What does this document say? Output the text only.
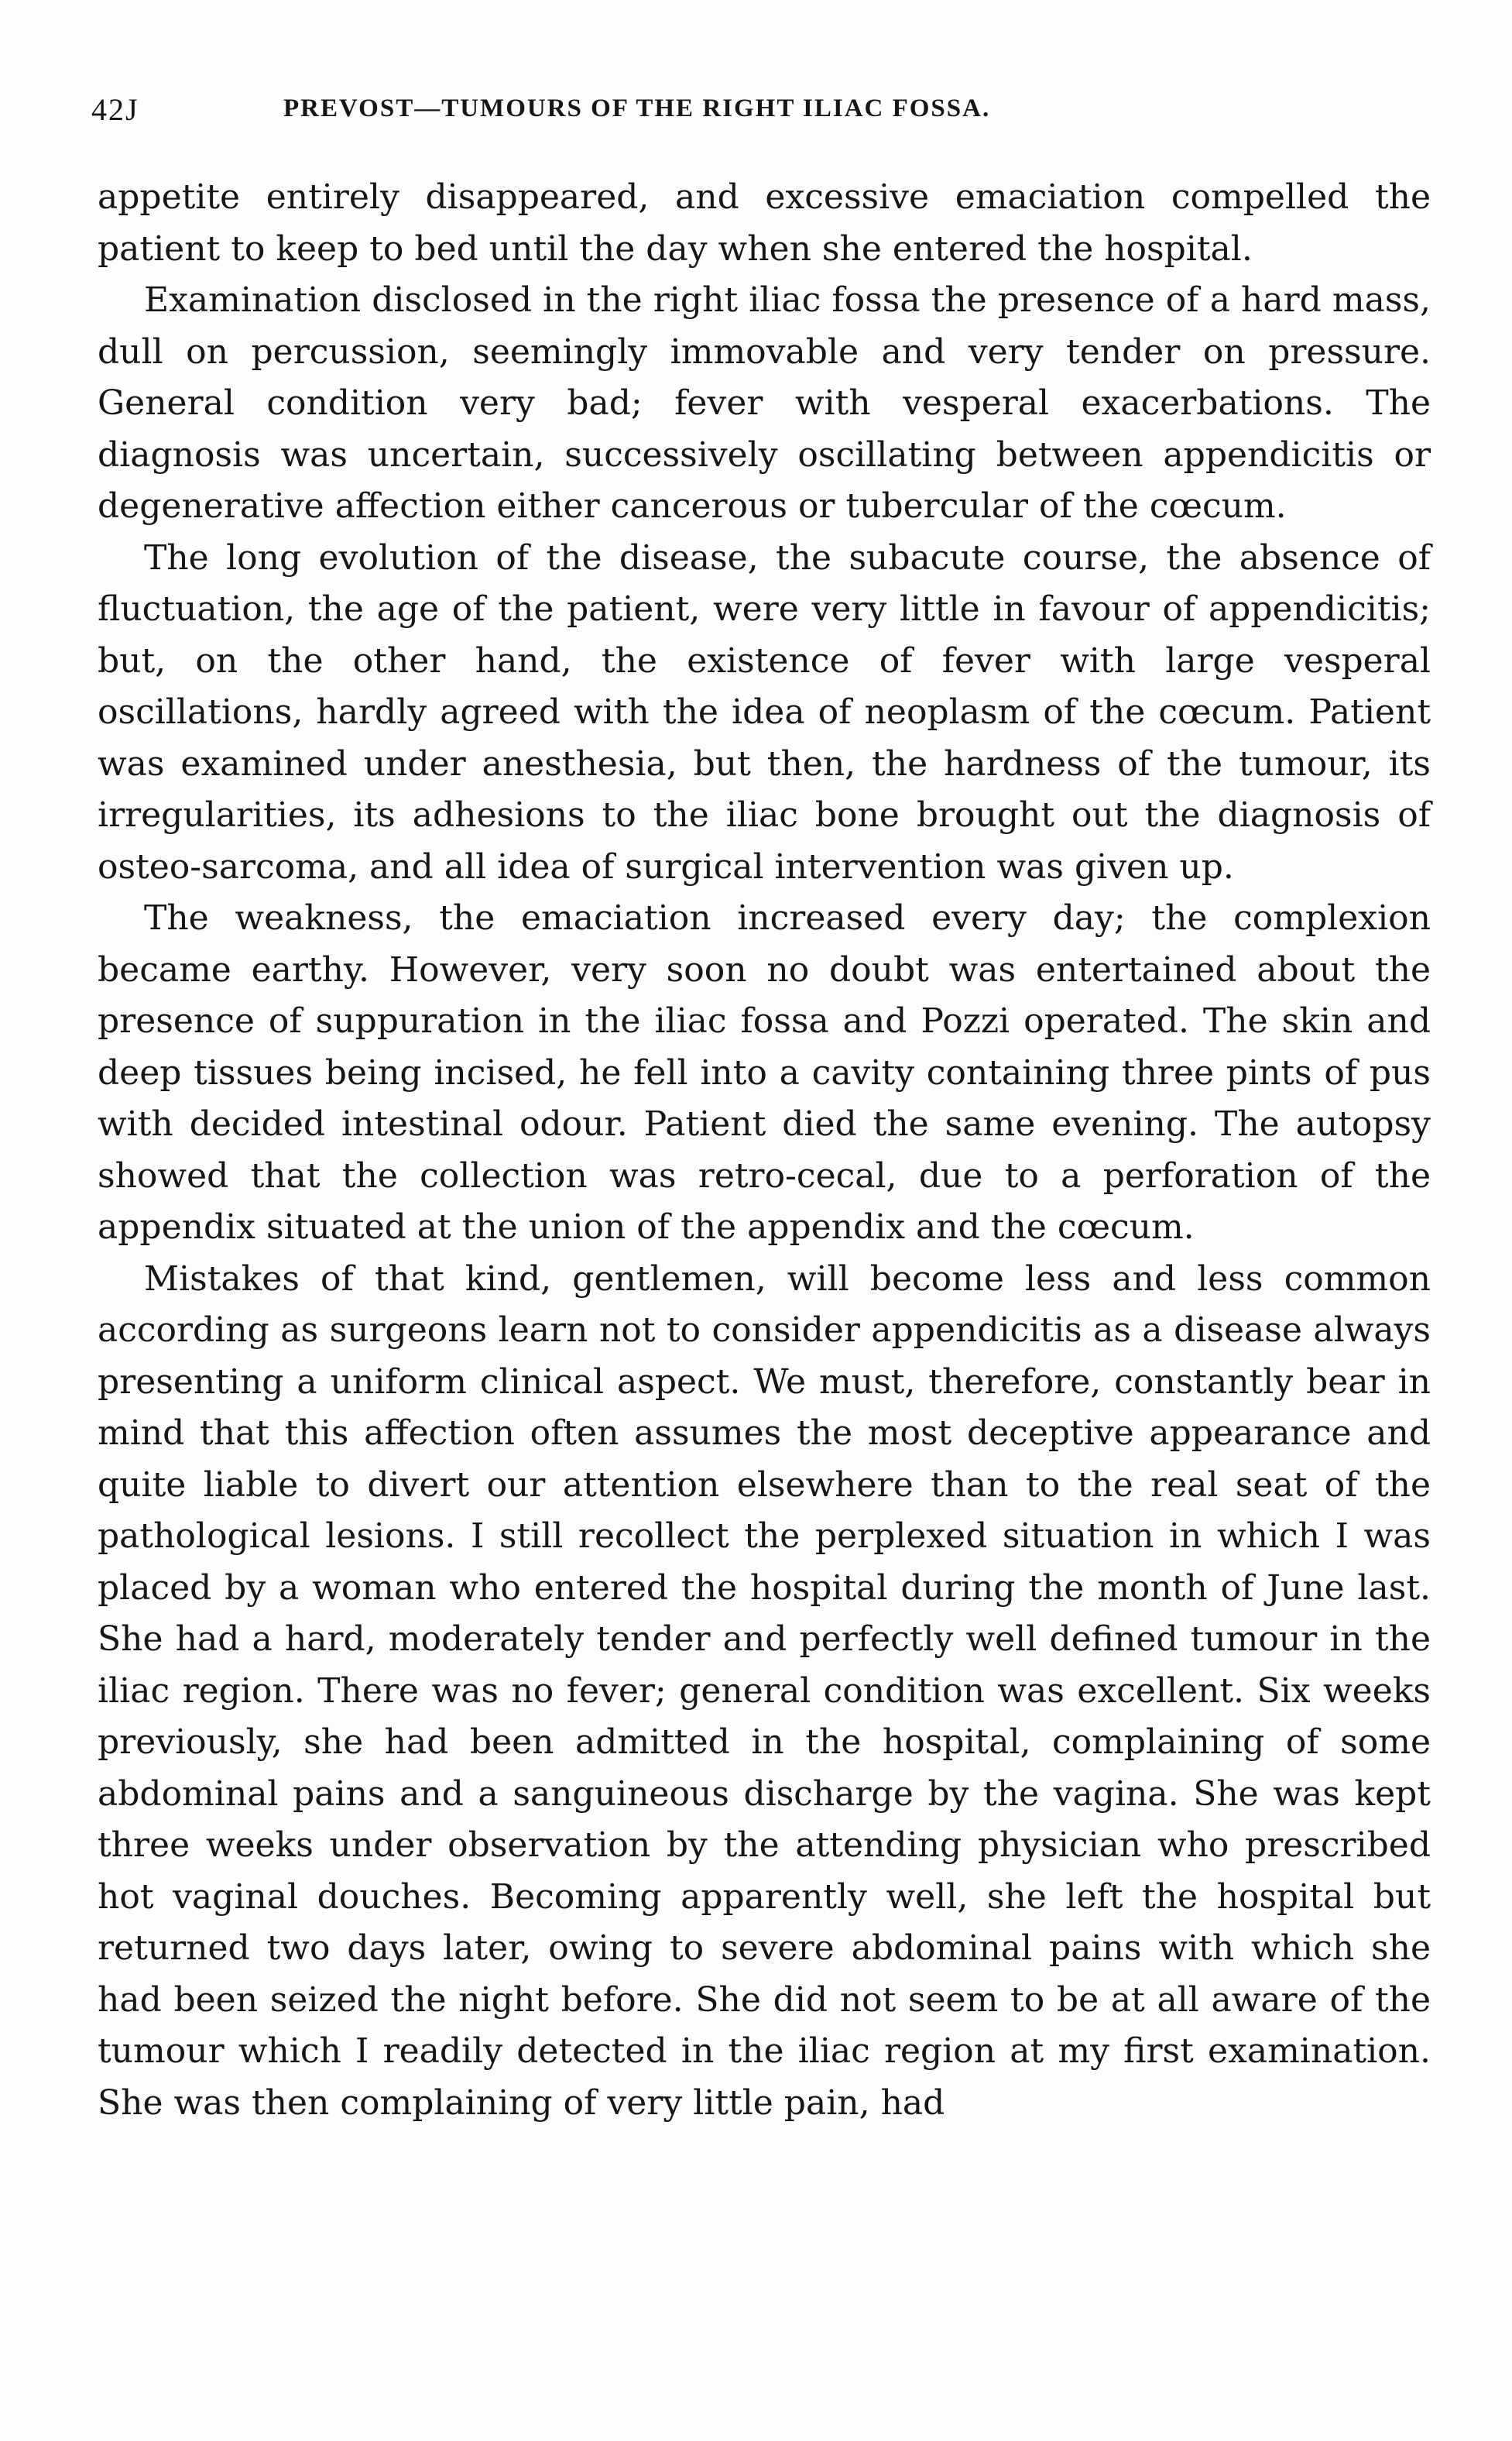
42J	PREVOST—TUMOURS OF THE RIGHT ILIAC FOSSA.

appetite entirely disappeared, and excessive emaciation compelled the patient to keep to bed until the day when she entered the hospital.

Examination disclosed in the right iliac fossa the presence of a hard mass, dull on percussion, seemingly immovable and very tender on pressure. General condition very bad; fever with vesperal exacerbations. The diagnosis was uncertain, successively oscillating between appendicitis or degenerative affection either cancerous or tubercular of the cœcum.

The long evolution of the disease, the subacute course, the absence of fluctuation, the age of the patient, were very little in favour of appendicitis; but, on the other hand, the existence of fever with large vesperal oscillations, hardly agreed with the idea of neoplasm of the cœcum. Patient was examined under anesthesia, but then, the hardness of the tumour, its irregularities, its adhesions to the iliac bone brought out the diagnosis of osteo-sarcoma, and all idea of surgical intervention was given up.

The weakness, the emaciation increased every day; the complexion became earthy. However, very soon no doubt was entertained about the presence of suppuration in the iliac fossa and Pozzi operated. The skin and deep tissues being incised, he fell into a cavity containing three pints of pus with decided intestinal odour. Patient died the same evening. The autopsy showed that the collection was retro-cecal, due to a perforation of the appendix situated at the union of the appendix and the cœcum.

Mistakes of that kind, gentlemen, will become less and less common according as surgeons learn not to consider appendicitis as a disease always presenting a uniform clinical aspect. We must, therefore, constantly bear in mind that this affection often assumes the most deceptive appearance and quite liable to divert our attention elsewhere than to the real seat of the pathological lesions. I still recollect the perplexed situation in which I was placed by a woman who entered the hospital during the month of June last. She had a hard, moderately tender and perfectly well defined tumour in the iliac region. There was no fever; general condition was excellent. Six weeks previously, she had been admitted in the hospital, complaining of some abdominal pains and a sanguineous discharge by the vagina. She was kept three weeks under observation by the attending physician who prescribed hot vaginal douches. Becoming apparently well, she left the hospital but returned two days later, owing to severe abdominal pains with which she had been seized the night before. She did not seem to be at all aware of the tumour which I readily detected in the iliac region at my first examination. She was then complaining of very little pain, had
